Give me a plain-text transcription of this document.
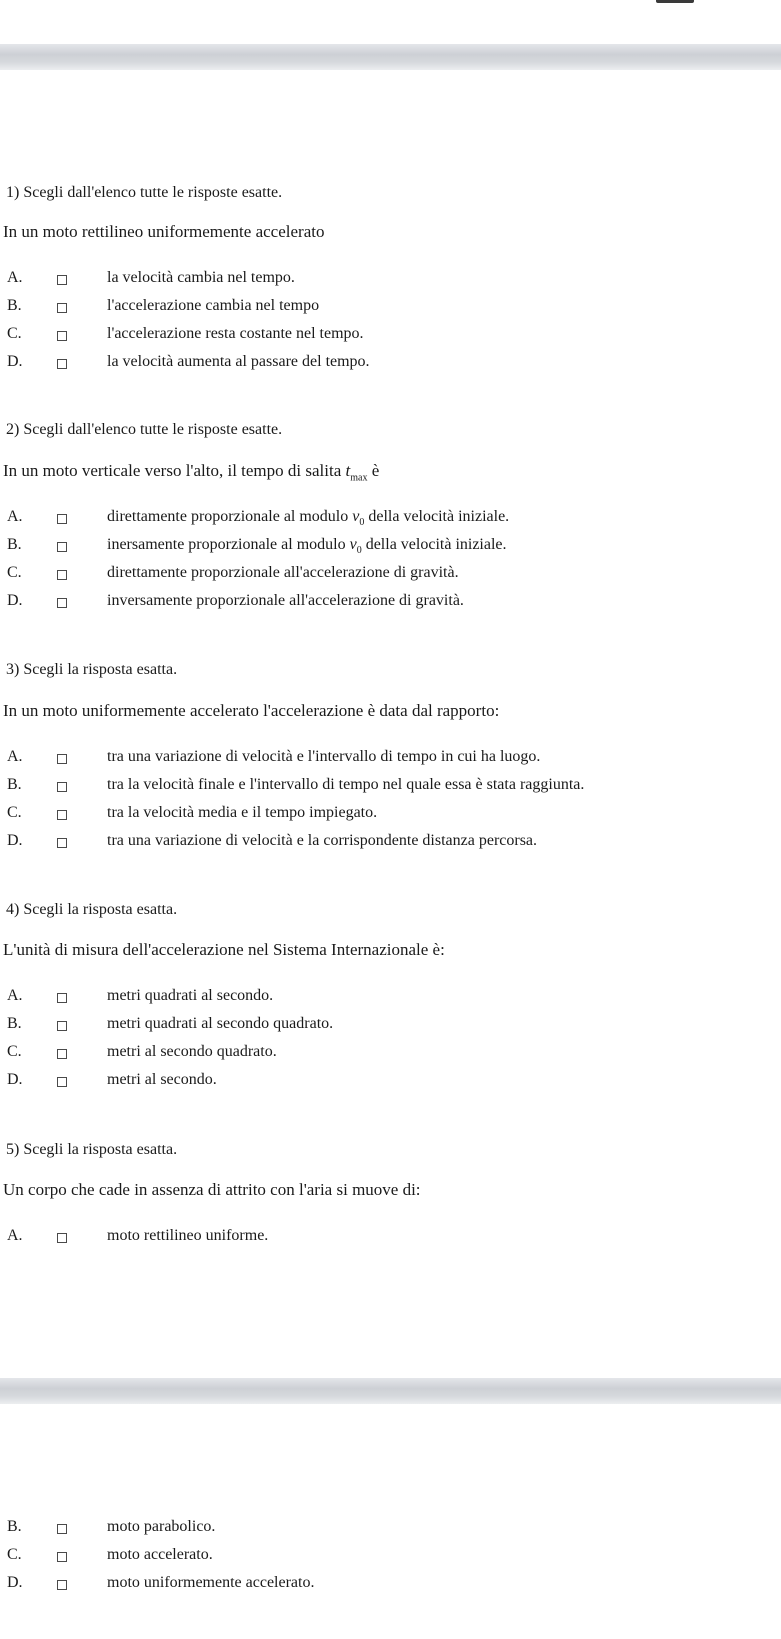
1) Scegli dall'elenco tutte le risposte esatte.
In un moto rettilineo uniformemente accelerato
A.	la velocità cambia nel tempo.
B.	l'accelerazione cambia nel tempo
C.	l'accelerazione resta costante nel tempo.
D.	la velocità aumenta al passare del tempo.
2) Scegli dall'elenco tutte le risposte esatte.
In un moto verticale verso l'alto, il tempo di salita $t_{max}$ è
A.	direttamente proporzionale al modulo $v_0$ della velocità iniziale.
B.	inersamente proporzionale al modulo $v_0$ della velocità iniziale.
C.	direttamente proporzionale all'accelerazione di gravità.
D.	inversamente proporzionale all'accelerazione di gravità.
3) Scegli la risposta esatta.
In un moto uniformemente accelerato l'accelerazione è data dal rapporto:
A.	tra una variazione di velocità e l'intervallo di tempo in cui ha luogo.
B.	tra la velocità finale e l'intervallo di tempo nel quale essa è stata raggiunta.
C.	tra la velocità media e il tempo impiegato.
D.	tra una variazione di velocità e la corrispondente distanza percorsa.
4) Scegli la risposta esatta.
L'unità di misura dell'accelerazione nel Sistema Internazionale è:
A.	metri quadrati al secondo.
B.	metri quadrati al secondo quadrato.
C.	metri al secondo quadrato.
D.	metri al secondo.
5) Scegli la risposta esatta.
Un corpo che cade in assenza di attrito con l'aria si muove di:
A.	moto rettilineo uniforme.
B.	moto parabolico.
C.	moto accelerato.
D.	moto uniformemente accelerato.
